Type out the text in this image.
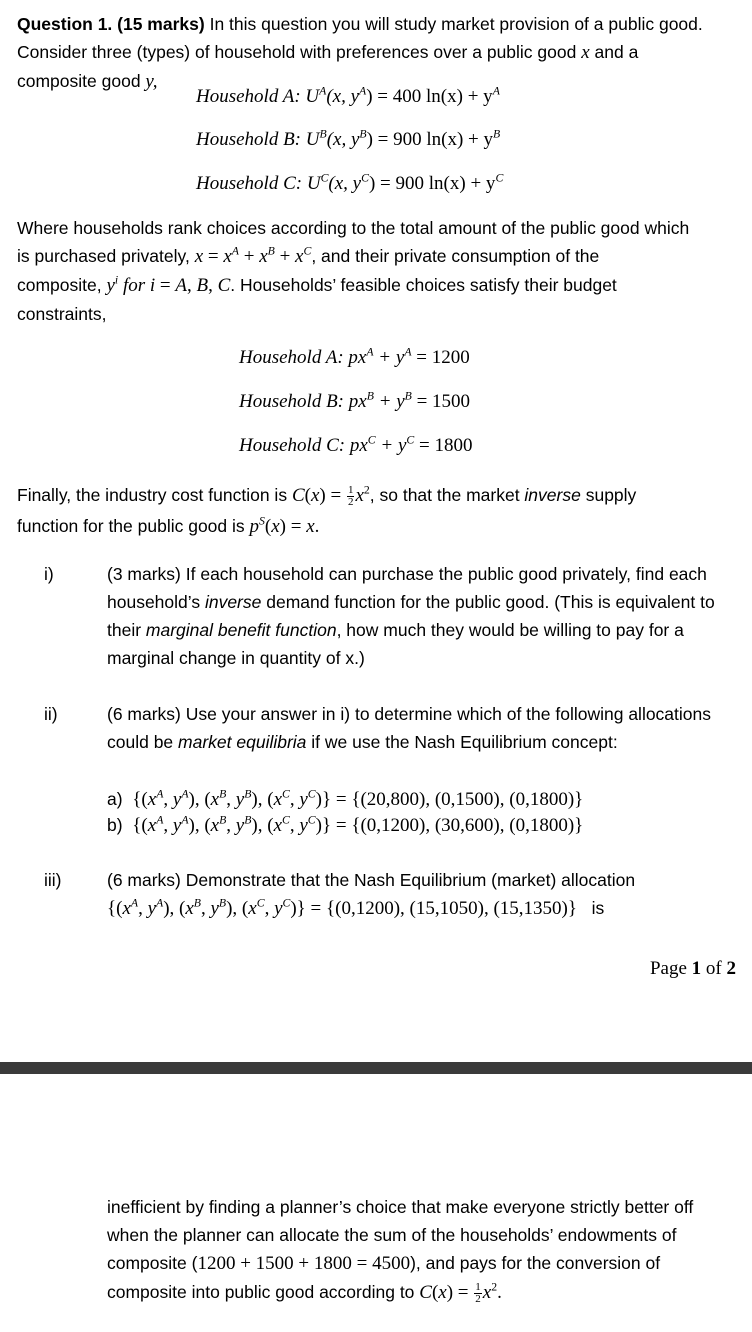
Question 1. (15 marks) In this question you will study market provision of a public good.
Consider three (types) of household with preferences over a public good x and a
composite good y,
Household A: $U^A(x$, $y^A) = 400$ $\ln(x) + y^A$
Household B: $U^B(x$, $y^B) = 900$ $\ln(x) + y^B$
Household C: $U^C(x$, $y^C) = 900$ $\ln(x) + y^C$
Where households rank choices according to the total amount of the public good which
is purchased privately, $x = x^A + x^B + x^C$, and their private consumption of the
composite, $y^i$ for i = A, B, C. Households’ feasible choices satisfy their budget
constraints,
Household A: $px^A + y^A = 1200$
Household B: $px^B + y^B = 1500$
Household C: $px^C + y^C = 1800$
Finally, the industry cost function is $C(x) = \frac{1}{2} x^2$, so that the market inverse supply
function for the public good is $p^S(x) = x$.
i)	(3 marks) If each household can purchase the public good privately, find each household’s inverse demand function for the public good. (This is equivalent to their marginal benefit function, how much they would be willing to pay for a marginal change in quantity of x.)
ii)	(6 marks) Use your answer in i) to determine which of the following allocations could be market equilibria if we use the Nash Equilibrium concept:
a) {($x^A$, $y^A$), ($x^B$, $y^B$), ($x^C$, $y^C)\} = \{(20,800)$, (0,1500), (0,1800)}
b) {($x^A$, $y^A$), ($x^B$, $y^B$), ($x^C$, $y^C)\} = \{(0,1200)$, (30,600), (0,1800)}
iii)	(6 marks) Demonstrate that the Nash Equilibrium (market) allocation
{($x^A$, $y^A$), ($x^B$, $y^B$), ($x^C$, $y^C)\} = \{(0,1200)$, (15,1050), (15,1350)} is
Page 1 of 2
inefficient by finding a planner’s choice that make everyone strictly better off
when the planner can allocate the sum of the households’ endowments of
composite (1200 + 1500 + 1800 = 4500), and pays for the conversion of
composite into public good according to $C(x) = \frac{1}{2} x^2$.
